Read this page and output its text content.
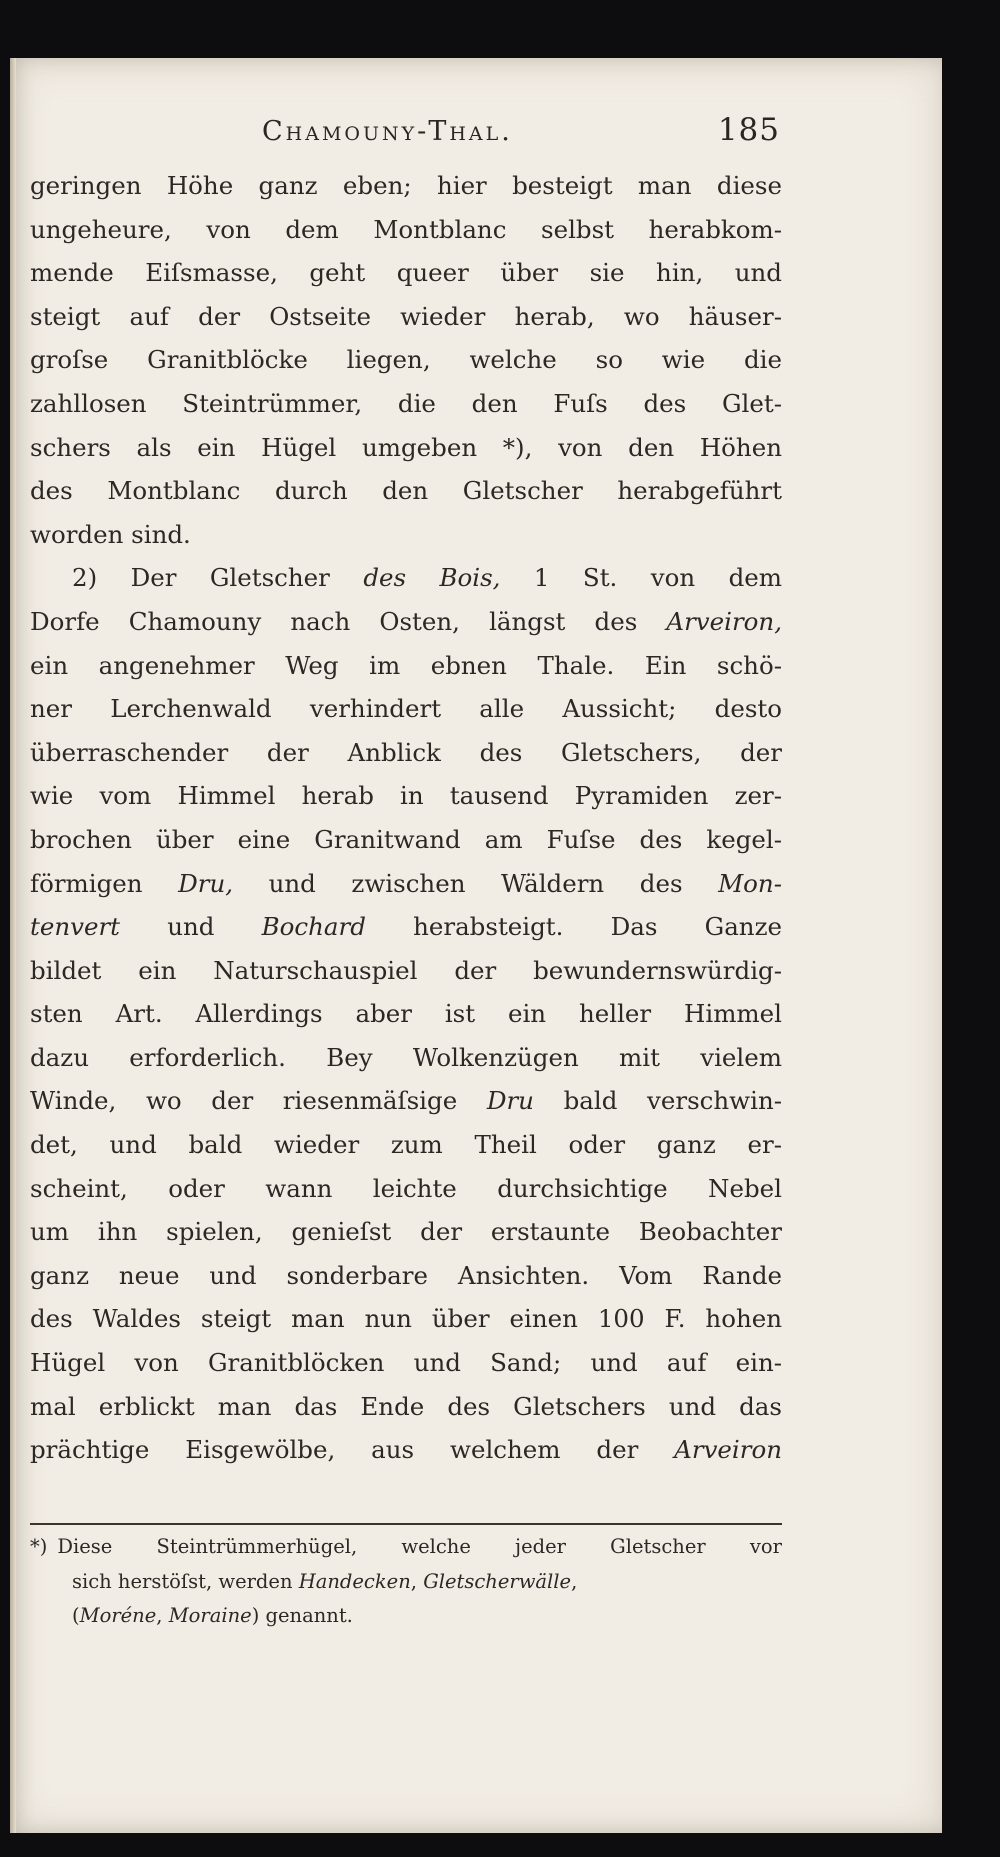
Chamouny-Thal.	185
geringen Höhe ganz eben; hier besteigt man diese
ungeheure, von dem Montblanc selbst herabkom-
mende Eiſsmasse, geht queer über sie hin, und
steigt auf der Ostseite wieder herab, wo häuser-
groſse Granitblöcke liegen, welche so wie die
zahllosen Steintrümmer, die den Fuſs des Glet-
schers als ein Hügel umgeben *), von den Höhen
des Montblanc durch den Gletscher herabgeführt
worden sind.
2) Der Gletscher des Bois, 1 St. von dem
Dorfe Chamouny nach Osten, längst des Arveiron,
ein angenehmer Weg im ebnen Thale. Ein schö-
ner Lerchenwald verhindert alle Aussicht; desto
überraschender der Anblick des Gletschers, der
wie vom Himmel herab in tausend Pyramiden zer-
brochen über eine Granitwand am Fuſse des kegel-
förmigen Dru, und zwischen Wäldern des Mon-
tenvert und Bochard herabsteigt. Das Ganze
bildet ein Naturschauspiel der bewundernswürdig-
sten Art. Allerdings aber ist ein heller Himmel
dazu erforderlich. Bey Wolkenzügen mit vielem
Winde, wo der riesenmäſsige Dru bald verschwin-
det, und bald wieder zum Theil oder ganz er-
scheint, oder wann leichte durchsichtige Nebel
um ihn spielen, genieſst der erstaunte Beobachter
ganz neue und sonderbare Ansichten. Vom Rande
des Waldes steigt man nun über einen 100 F. hohen
Hügel von Granitblöcken und Sand; und auf ein-
mal erblickt man das Ende des Gletschers und das
prächtige Eisgewölbe, aus welchem der Arveiron
*) Diese Steintrümmerhügel, welche jeder Gletscher vor
sich herstöſst, werden Handecken, Gletscherwälle,
(Moréne, Moraine) genannt.
